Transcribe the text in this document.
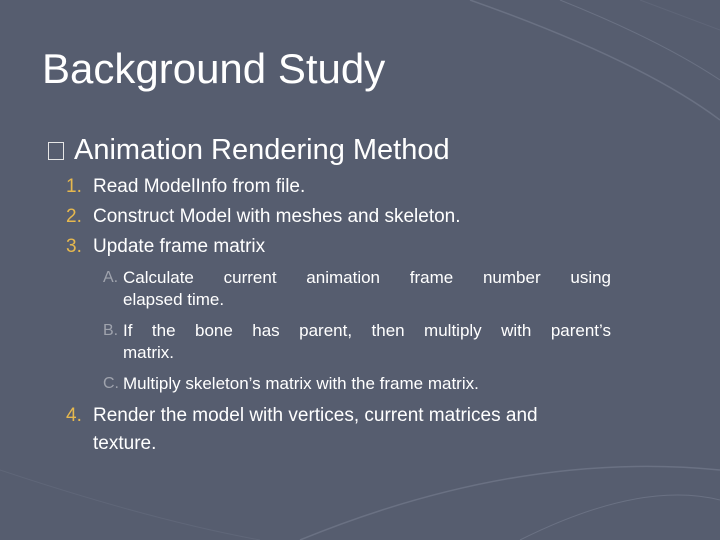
Background Study
Animation Rendering Method
1. Read ModelInfo from file.
2. Construct Model with meshes and skeleton.
3. Update frame matrix
A. Calculate current animation frame number using
elapsed time.
B. If the bone has parent, then multiply with parent’s
matrix.
C. Multiply skeleton’s matrix with the frame matrix.
4. Render the model with vertices, current matrices and
texture.
